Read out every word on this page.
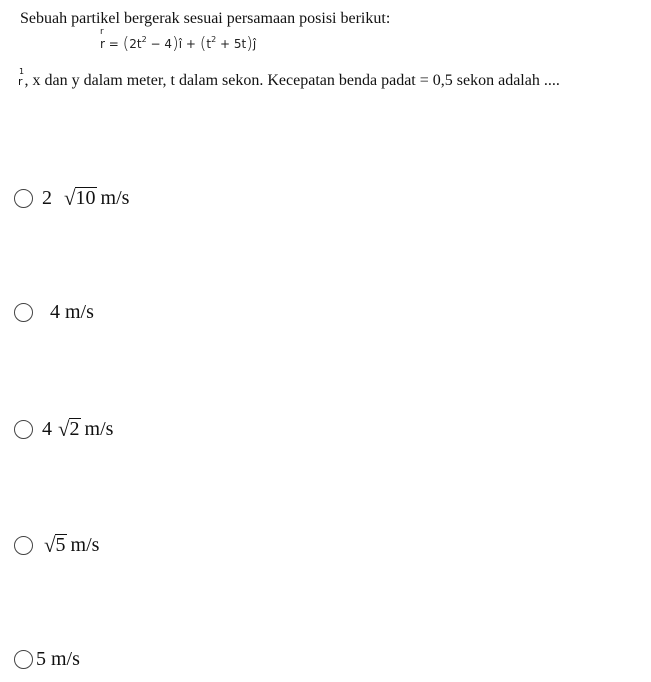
Sebuah partikel bergerak sesuai persamaan posisi berikut:
r
$r = (2t^2$ − 4)î + ($t^2$ + 5t)ĵ
1
r , x dan y dalam meter, t dalam sekon. Kecepatan benda padat = 0,5 sekon adalah ....
2 √ 10 m/s
4 m/s
4 √ 2 m/s
√ 5 m/s
5 m/s
